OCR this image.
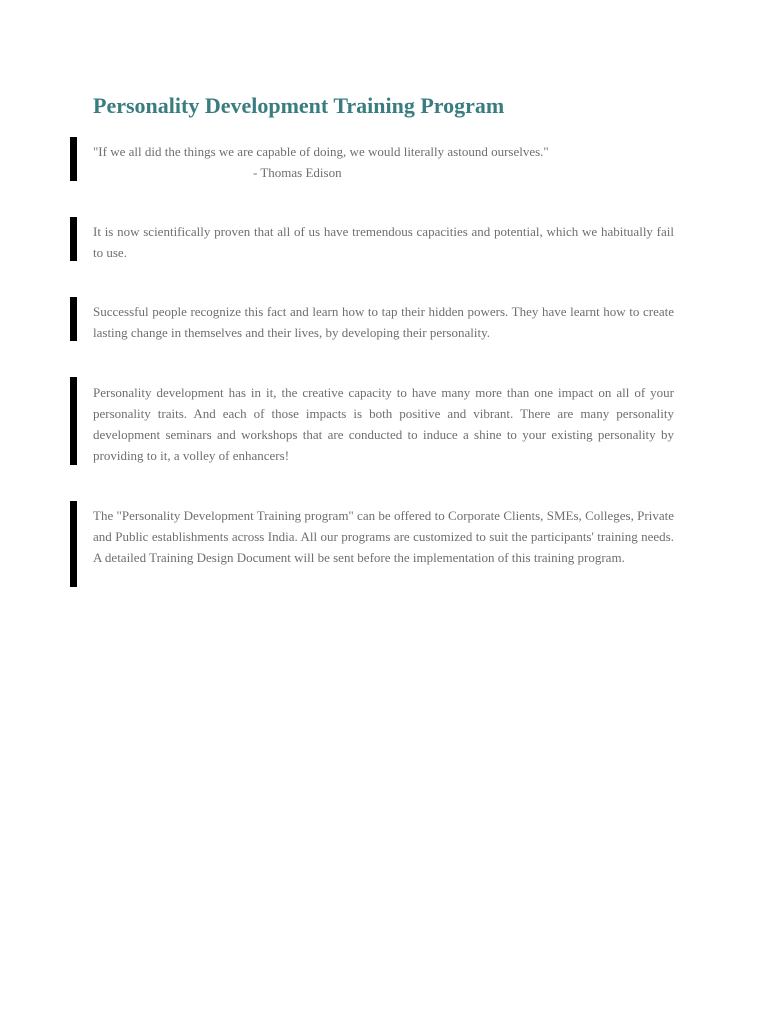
Personality Development Training Program

"If we all did the things we are capable of doing, we would literally astound ourselves."
- Thomas Edison

It is now scientifically proven that all of us have tremendous capacities and potential, which we habitually fail to use.

Successful people recognize this fact and learn how to tap their hidden powers. They have learnt how to create lasting change in themselves and their lives, by developing their personality.

Personality development has in it, the creative capacity to have many more than one impact on all of your personality traits. And each of those impacts is both positive and vibrant. There are many personality development seminars and workshops that are conducted to induce a shine to your existing personality by providing to it, a volley of enhancers!

The "Personality Development Training program" can be offered to Corporate Clients, SMEs, Colleges, Private and Public establishments across India. All our programs are customized to suit the participants' training needs. A detailed Training Design Document will be sent before the implementation of this training program.
